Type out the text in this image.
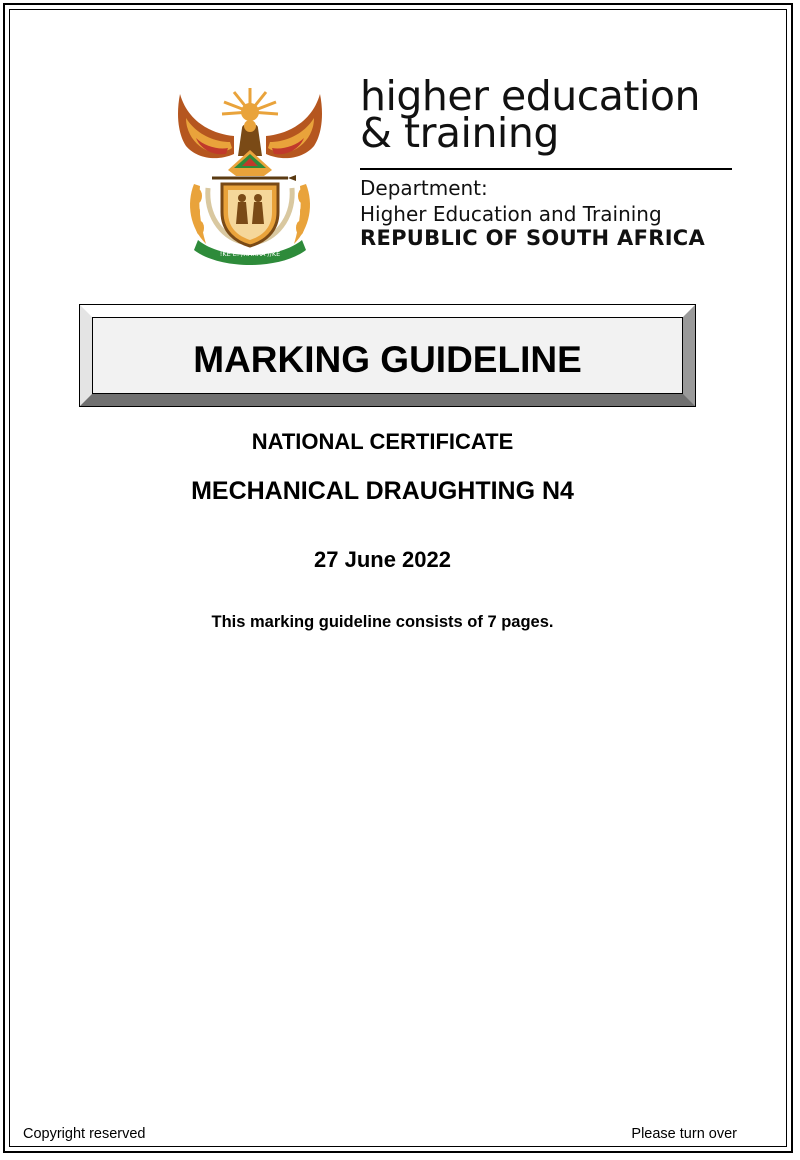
!KE E: /XARRA //KE
higher education
& training
Department:
Higher Education and Training
REPUBLIC OF SOUTH AFRICA
MARKING GUIDELINE
NATIONAL CERTIFICATE
MECHANICAL DRAUGHTING N4
27 June 2022
This marking guideline consists of 7 pages.
Copyright reserved	Please turn over
